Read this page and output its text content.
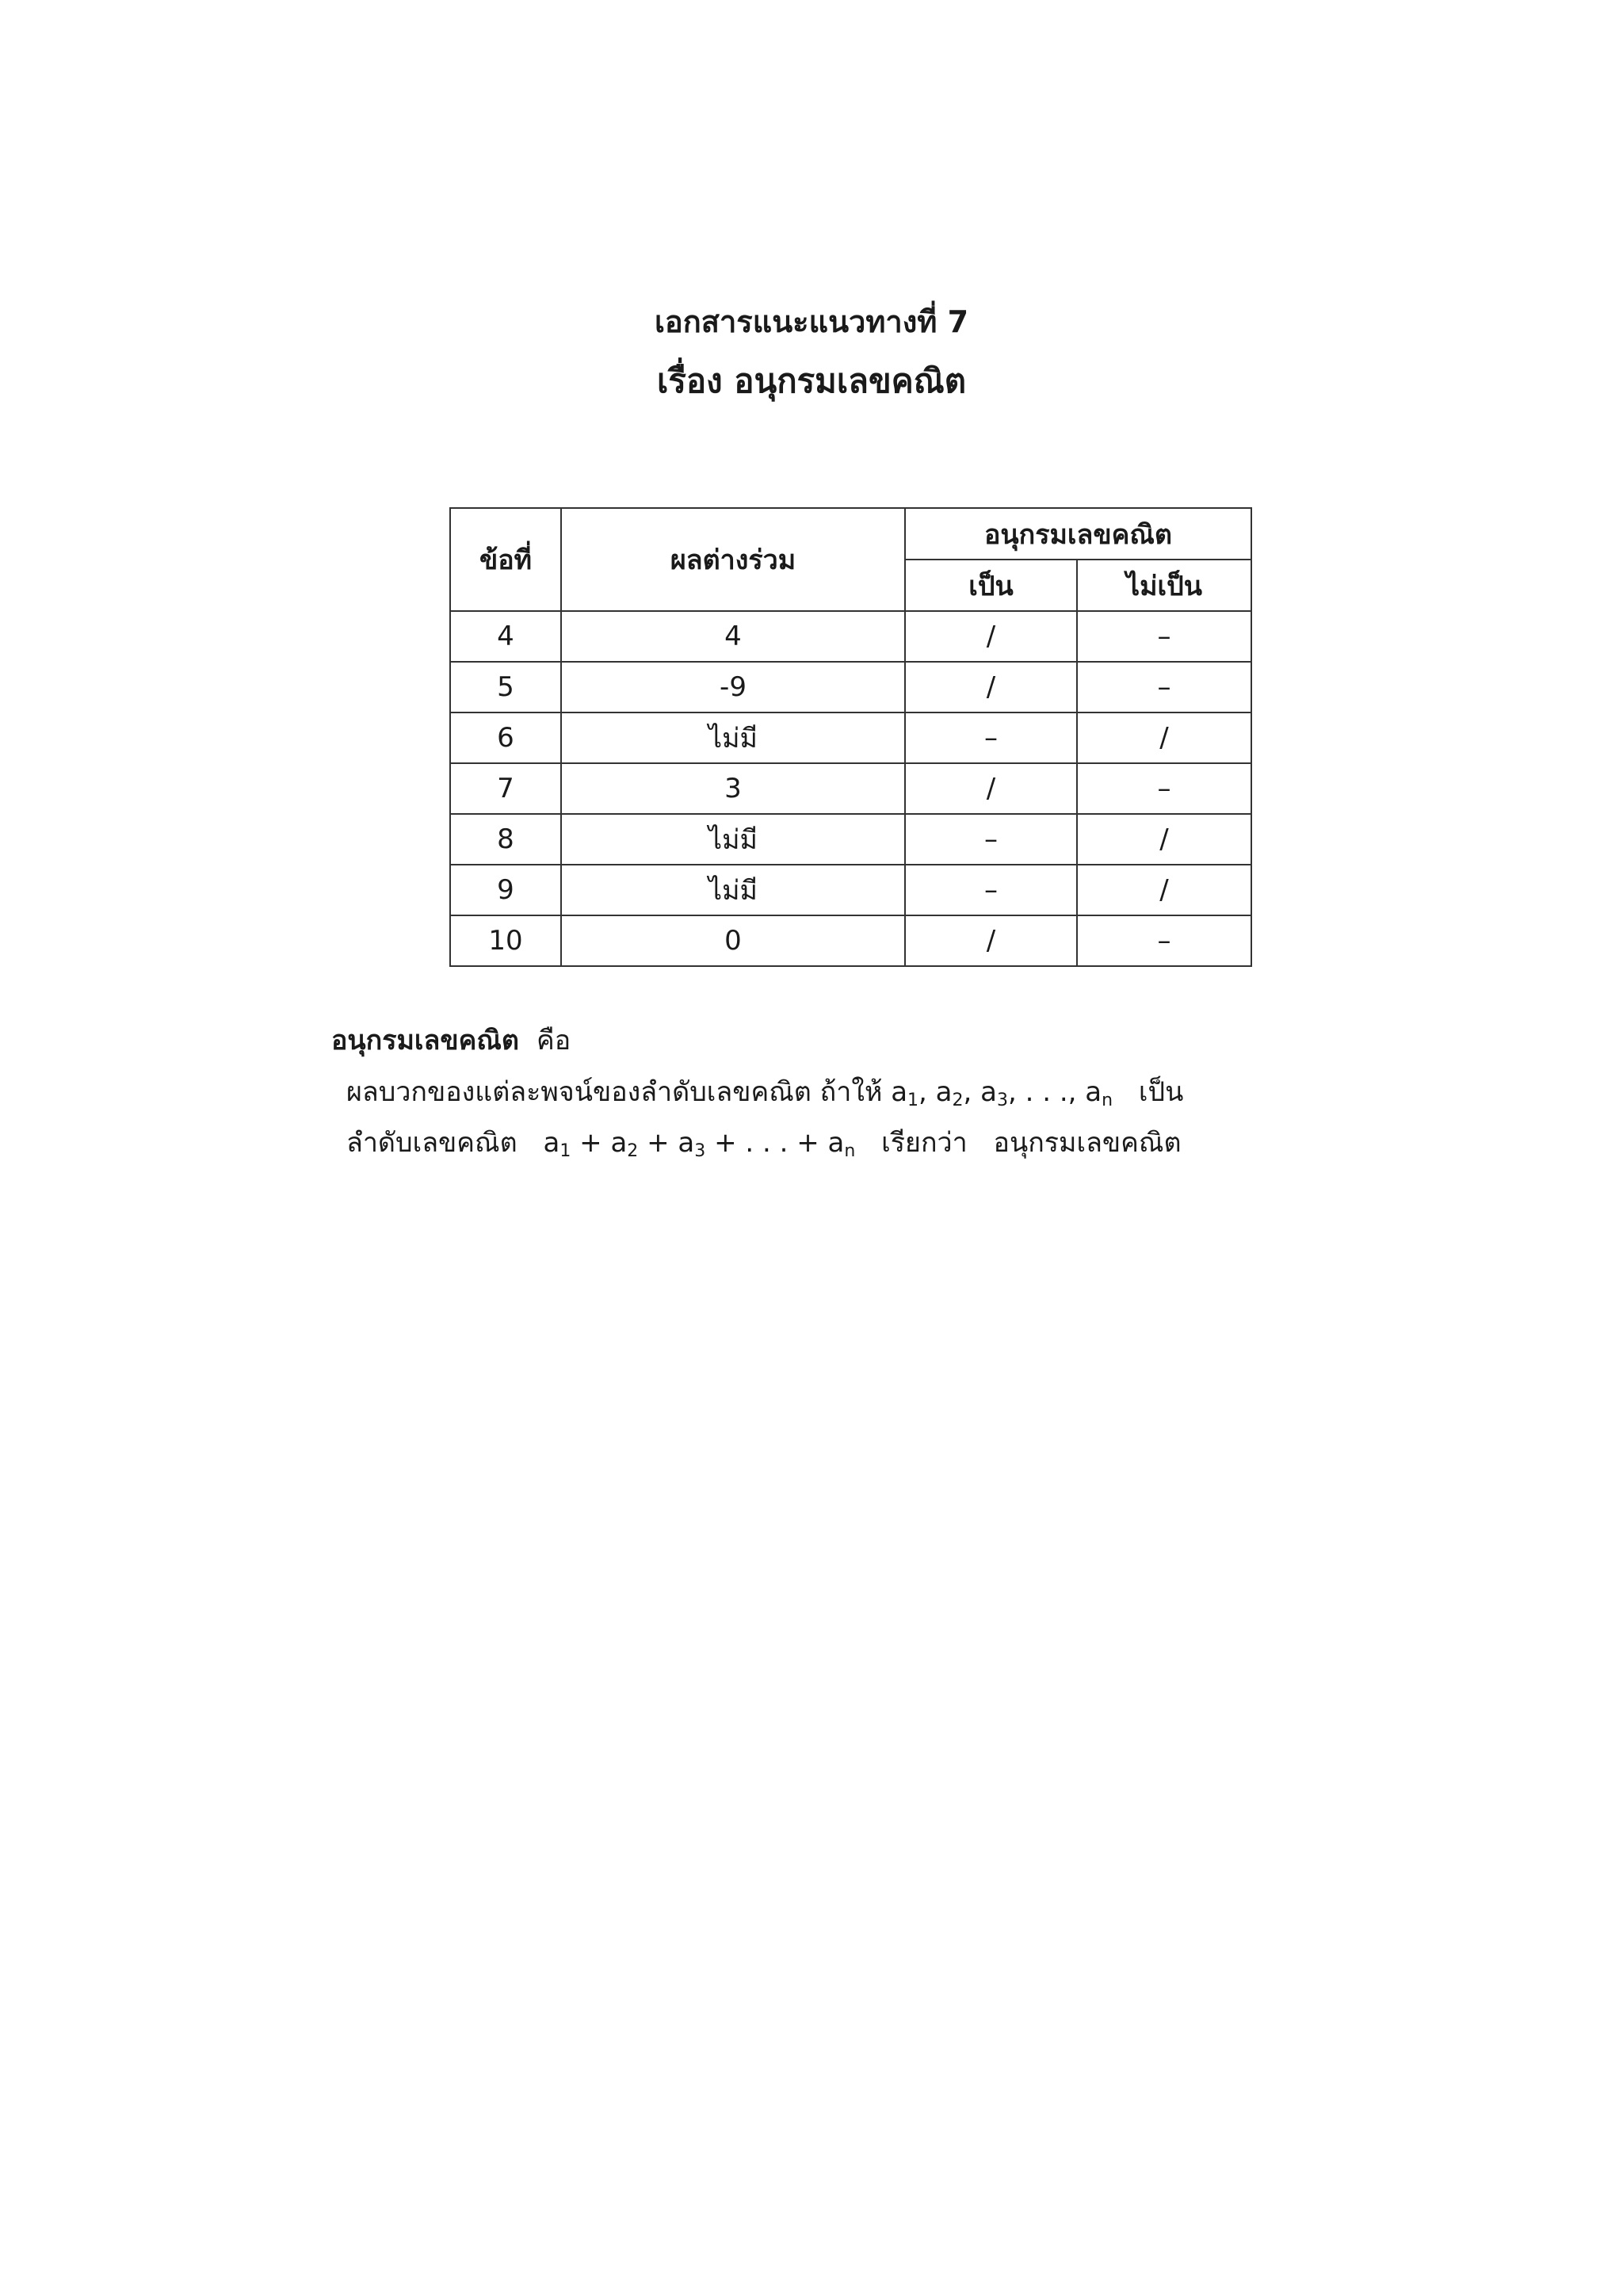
เอกสารแนะแนวทางที่ 7
เรื่อง อนุกรมเลขคณิต
ข้อที่	ผลต่างร่วม	อนุกรมเลขคณิต	
		เป็น	ไม่เป็น
4	4	/	–
5	-9	/	–
6	ไม่มี	–	/
7	3	/	–
8	ไม่มี	–	/
9	ไม่มี	–	/
10	0	/	–
อนุกรมเลขคณิต คือ
ผลบวกของแต่ละพจน์ของลำดับเลขคณิต ถ้าให้ $a_1$, $a_2$, $a_3$, . . ., $a_n$ เป็น
ลำดับเลขคณิต $a_1 + a_2 + a_3$ + . . . + $a_n$ เรียกว่า อนุกรมเลขคณิต
